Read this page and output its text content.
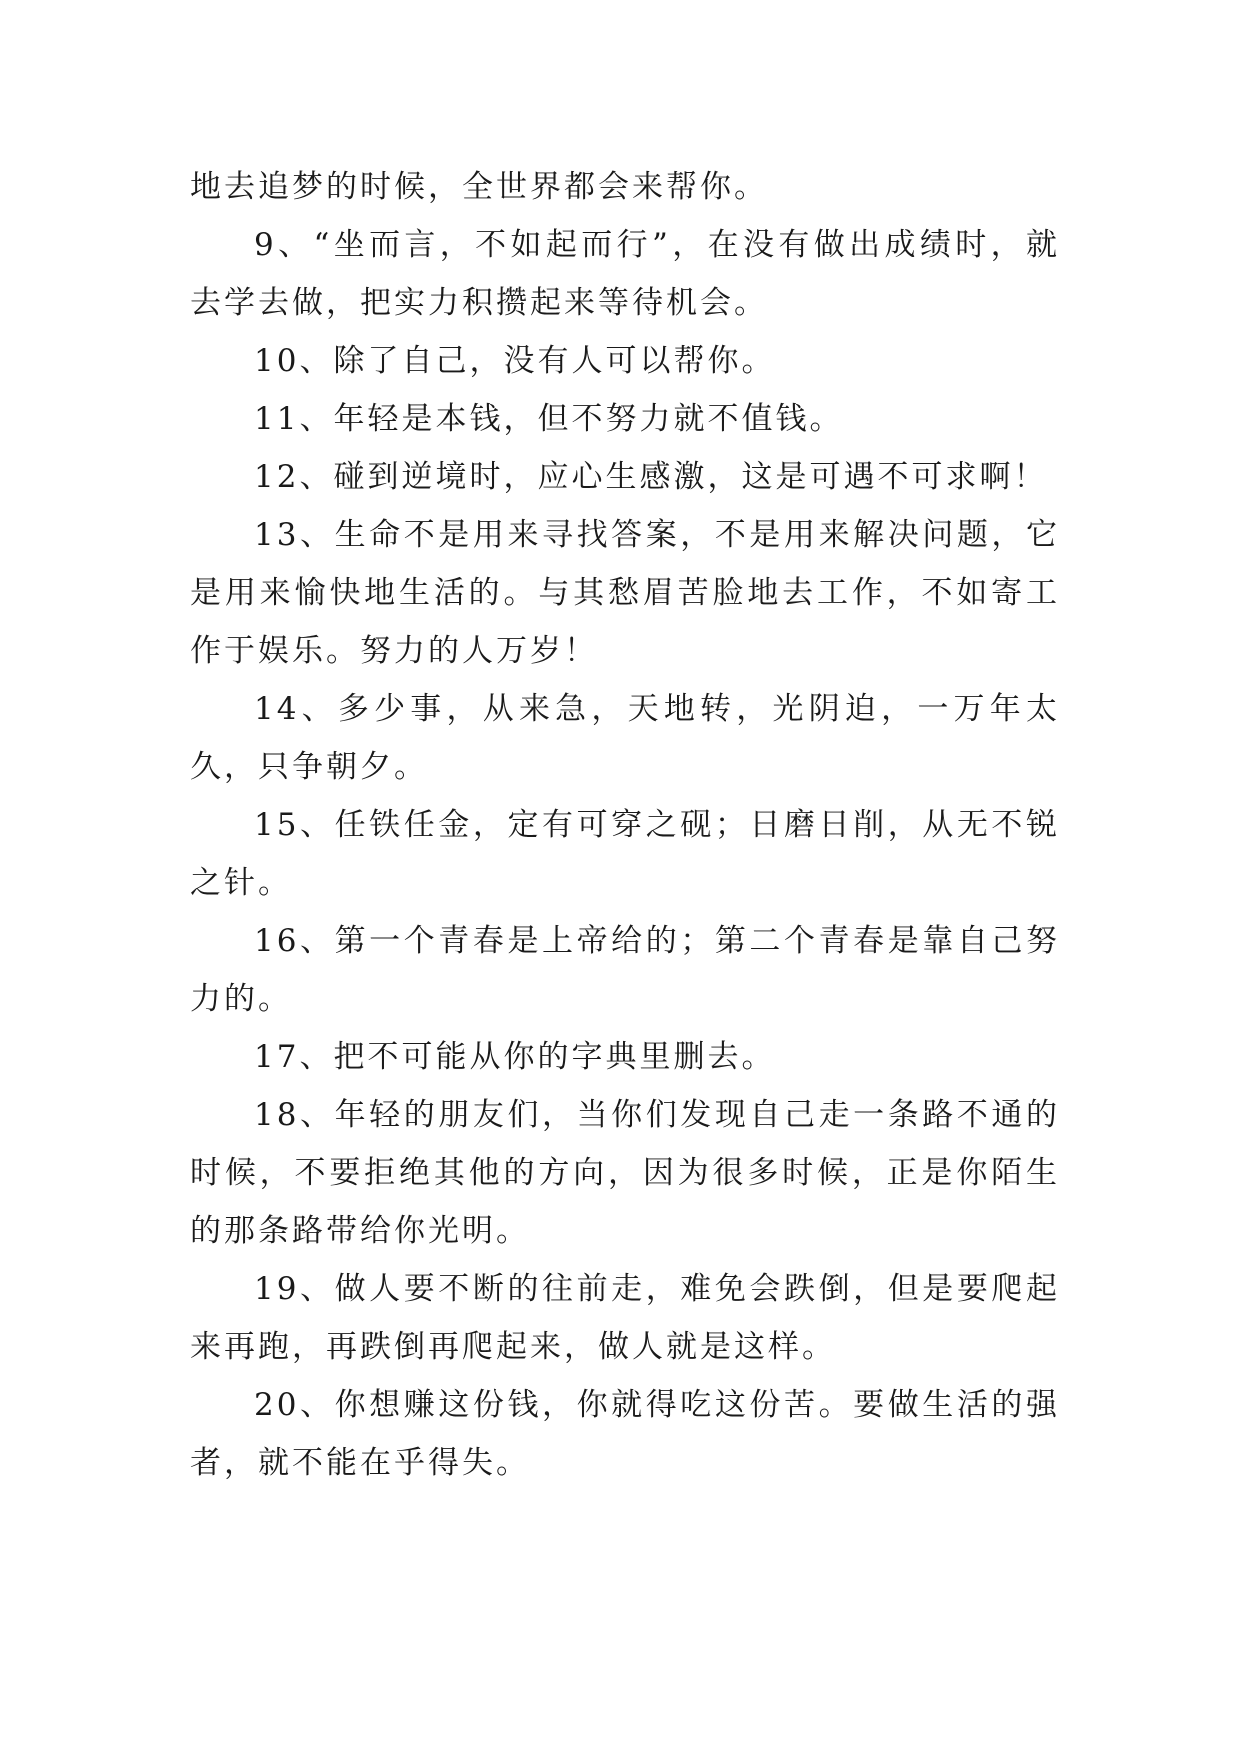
地去追梦的时候，全世界都会来帮你。

9、“坐而言，不如起而行”，在没有做出成绩时，就去学去做，把实力积攒起来等待机会。

10、除了自己，没有人可以帮你。

11、年轻是本钱，但不努力就不值钱。

12、碰到逆境时，应心生感激，这是可遇不可求啊！

13、生命不是用来寻找答案，不是用来解决问题，它是用来愉快地生活的。与其愁眉苦脸地去工作，不如寄工作于娱乐。努力的人万岁！

14、多少事，从来急，天地转，光阴迫，一万年太久，只争朝夕。

15、任铁任金，定有可穿之砚；日磨日削，从无不锐之针。

16、第一个青春是上帝给的；第二个青春是靠自己努力的。

17、把不可能从你的字典里删去。

18、年轻的朋友们，当你们发现自己走一条路不通的时候，不要拒绝其他的方向，因为很多时候，正是你陌生的那条路带给你光明。

19、做人要不断的往前走，难免会跌倒，但是要爬起来再跑，再跌倒再爬起来，做人就是这样。

20、你想赚这份钱，你就得吃这份苦。要做生活的强者，就不能在乎得失。
